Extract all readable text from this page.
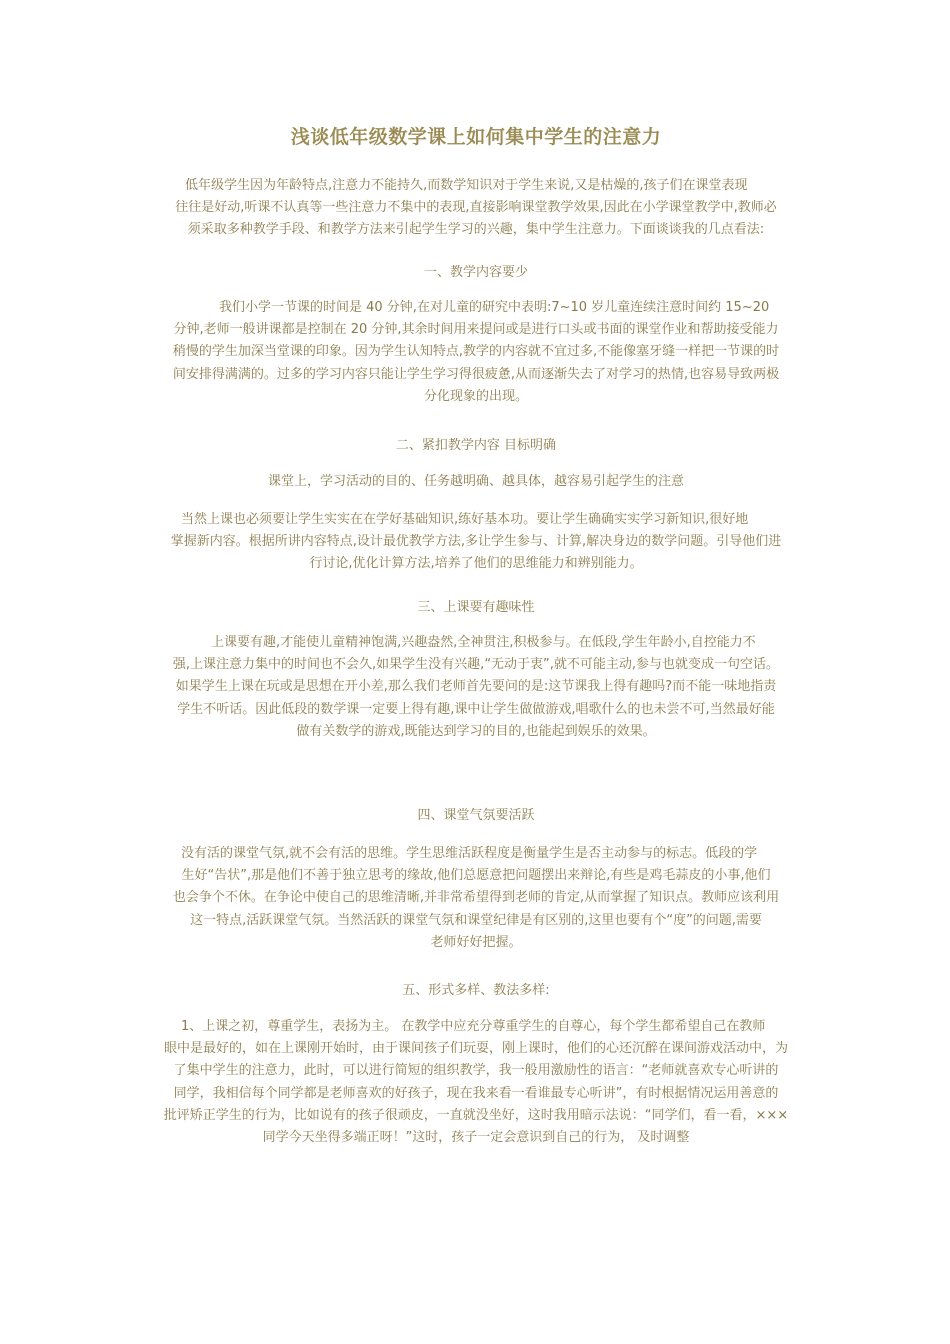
浅谈低年级数学课上如何集中学生的注意力
低年级学生因为年龄特点,注意力不能持久,而数学知识对于学生来说,又是枯燥的,孩子们在课堂表现
往往是好动,听课不认真等一些注意力不集中的表现,直接影响课堂教学效果,因此在小学课堂教学中,教师必
须采取多种教学手段、和教学方法来引起学生学习的兴趣，集中学生注意力。下面谈谈我的几点看法:
一、教学内容要少
我们小学一节课的时间是 40 分钟,在对儿童的研究中表明:7~10 岁儿童连续注意时间约 15~20
分钟,老师一般讲课都是控制在 20 分钟,其余时间用来提问或是进行口头或书面的课堂作业和帮助接受能力
稍慢的学生加深当堂课的印象。因为学生认知特点,教学的内容就不宜过多,不能像塞牙缝一样把一节课的时
间安排得满满的。过多的学习内容只能让学生学习得很疲惫,从而逐渐失去了对学习的热情,也容易导致两极
分化现象的出现。
二、紧扣教学内容 目标明确
课堂上，学习活动的目的、任务越明确、越具体，越容易引起学生的注意
当然上课也必须要让学生实实在在学好基础知识,练好基本功。要让学生确确实实学习新知识,很好地
掌握新内容。根据所讲内容特点,设计最优教学方法,多让学生参与、计算,解决身边的数学问题。引导他们进
行讨论,优化计算方法,培养了他们的思维能力和辨别能力。
三、上课要有趣味性
上课要有趣,才能使儿童精神饱满,兴趣盎然,全神贯注,积极参与。在低段,学生年龄小,自控能力不
强,上课注意力集中的时间也不会久,如果学生没有兴趣,“无动于衷”,就不可能主动,参与也就变成一句空话。
如果学生上课在玩或是思想在开小差,那么我们老师首先要问的是:这节课我上得有趣吗?而不能一味地指责
学生不听话。因此低段的数学课一定要上得有趣,课中让学生做做游戏,唱歌什么的也未尝不可,当然最好能
做有关数学的游戏,既能达到学习的目的,也能起到娱乐的效果。
四、课堂气氛要活跃
没有活的课堂气氛,就不会有活的思维。学生思维活跃程度是衡量学生是否主动参与的标志。低段的学
生好“告状”,那是他们不善于独立思考的缘故,他们总愿意把问题摆出来辩论,有些是鸡毛蒜皮的小事,他们
也会争个不休。在争论中使自己的思维清晰,并非常希望得到老师的肯定,从而掌握了知识点。教师应该利用
这一特点,活跃课堂气氛。当然活跃的课堂气氛和课堂纪律是有区别的,这里也要有个“度”的问题,需要
老师好好把握。
五、形式多样、教法多样:
1、上课之初，尊重学生，表扬为主。 在教学中应充分尊重学生的自尊心，每个学生都希望自己在教师
眼中是最好的，如在上课刚开始时，由于课间孩子们玩耍，刚上课时，他们的心还沉醉在课间游戏活动中，为
了集中学生的注意力，此时，可以进行简短的组织教学，我一般用激励性的语言：“老师就喜欢专心听讲的
同学，我相信每个同学都是老师喜欢的好孩子，现在我来看一看谁最专心听讲”，有时根据情况运用善意的
批评矫正学生的行为，比如说有的孩子很顽皮，一直就没坐好，这时我用暗示法说：“同学们，看一看，×××
同学今天坐得多端正呀！”这时，孩子一定会意识到自己的行为， 及时调整
